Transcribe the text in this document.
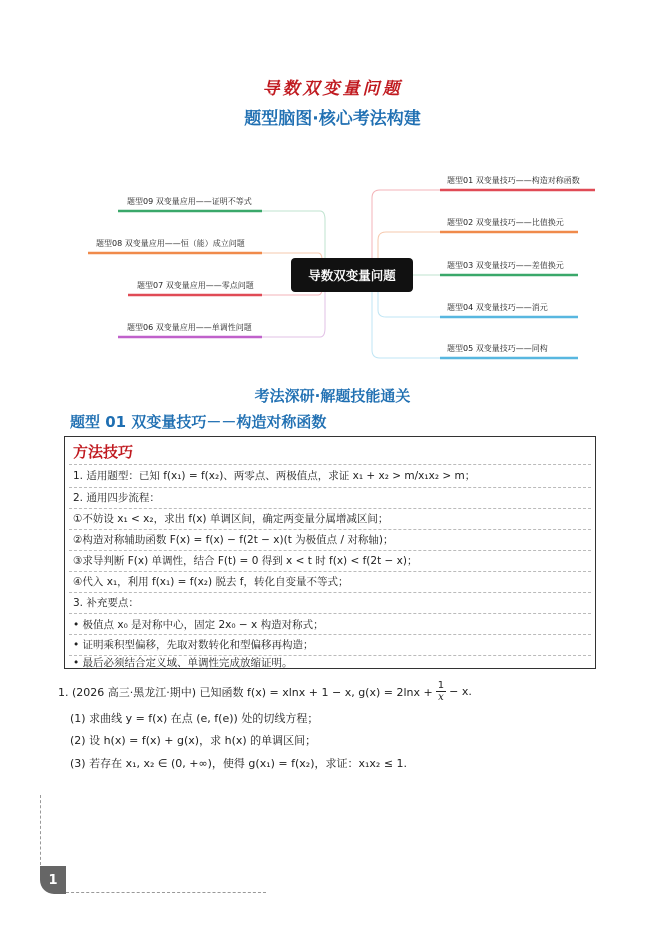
导数双变量问题
题型脑图·核心考法构建
题型09 双变量应用——证明不等式
题型08 双变量应用——恒（能）成立问题
题型07 双变量应用——零点问题
题型06 双变量应用——单调性问题
题型01 双变量技巧——构造对称函数
题型02 双变量技巧——比值换元
题型03 双变量技巧——差值换元
题型04 双变量技巧——消元
题型05 双变量技巧——同构
导数双变量问题
考法深研·解题技能通关
题型 01 双变量技巧－－构造对称函数
方法技巧
1. 适用题型：已知 f(x₁) = f(x₂)、两零点、两极值点，求证 x₁ + x₂ > m/x₁x₂ > m；
2. 通用四步流程：
①不妨设 x₁ < x₂，求出 f(x) 单调区间，确定两变量分属增减区间；
②构造对称辅助函数 F(x) = f(x) − f(2t − x)(t 为极值点 / 对称轴)；
③求导判断 F(x) 单调性，结合 F(t) = 0 得到 x < t 时 f(x) < f(2t − x)；
④代入 x₁，利用 f(x₁) = f(x₂) 脱去 f，转化自变量不等式；
3. 补充要点：
• 极值点 x₀ 是对称中心，固定 2x₀ − x 构造对称式；
• 证明乘积型偏移，先取对数转化和型偏移再构造；
• 最后必须结合定义域、单调性完成放缩证明。
1. (2026 高三·黑龙江·期中) 已知函数 f(x) = xlnx + 1 − x, $g(x) = 2\ln x + \frac{1}{x} - x$.
(1) 求曲线 y = f(x) 在点 (e, f(e)) 处的切线方程；
(2) 设 h(x) = f(x) + g(x)，求 h(x) 的单调区间；
(3) 若存在 x₁, x₂ ∈ (0, +∞)，使得 g(x₁) = f(x₂)，求证：x₁x₂ ≤ 1.
1
